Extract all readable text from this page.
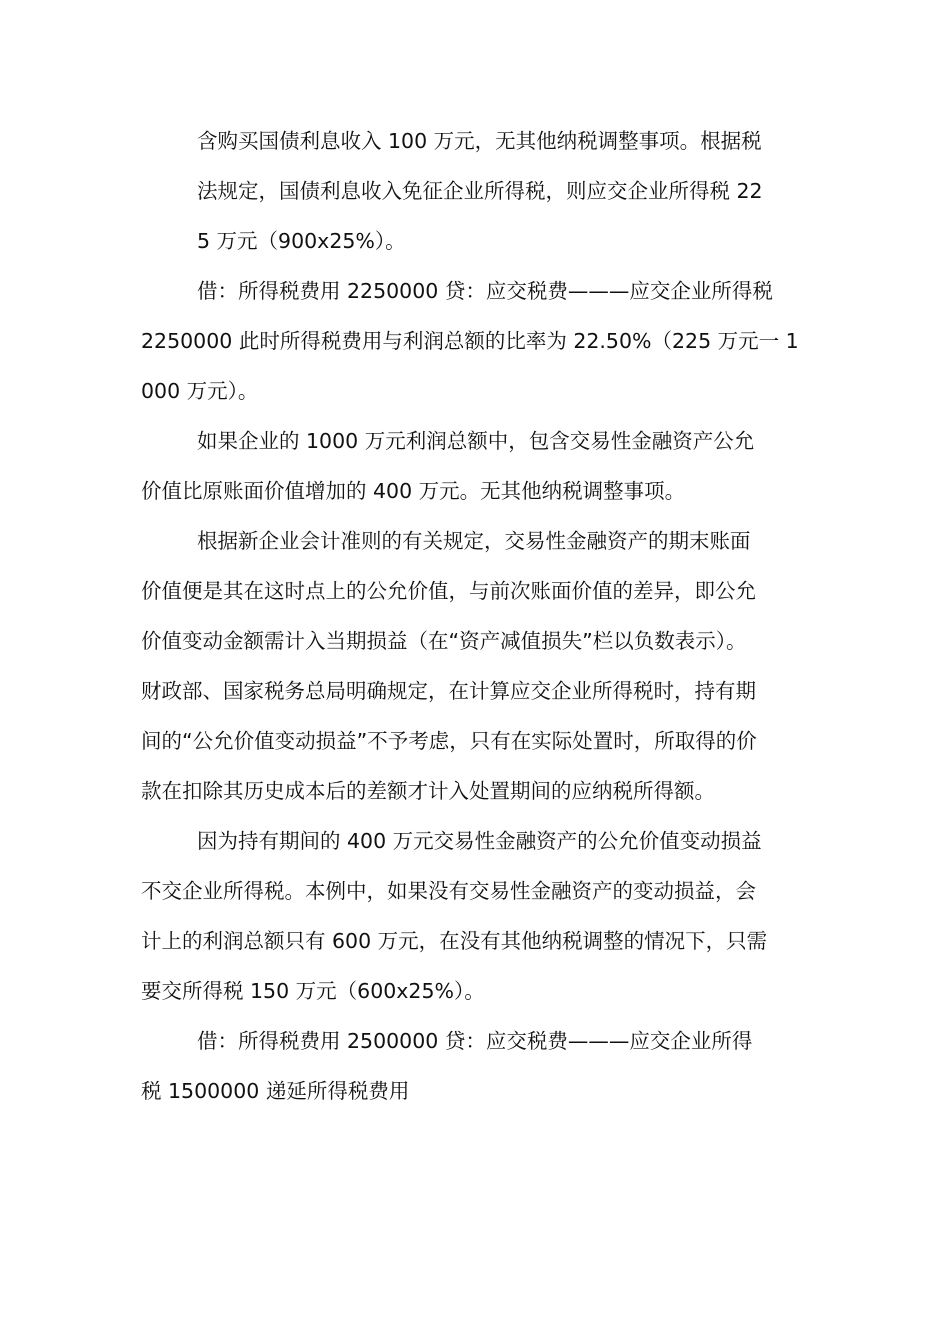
含购买国债利息收入 100 万元，无其他纳税调整事项。根据税
法规定，国债利息收入免征企业所得税，则应交企业所得税 22
5 万元（900x25%）。
借：所得税费用 2250000 贷：应交税费———应交企业所得税
2250000 此时所得税费用与利润总额的比率为 22.50%（225 万元一 1
000 万元）。
如果企业的 1000 万元利润总额中，包含交易性金融资产公允
价值比原账面价值增加的 400 万元。无其他纳税调整事项。
根据新企业会计准则的有关规定，交易性金融资产的期末账面
价值便是其在这时点上的公允价值，与前次账面价值的差异，即公允
价值变动金额需计入当期损益（在“资产减值损失”栏以负数表示）。
财政部、国家税务总局明确规定，在计算应交企业所得税时，持有期
间的“公允价值变动损益”不予考虑，只有在实际处置时，所取得的价
款在扣除其历史成本后的差额才计入处置期间的应纳税所得额。
因为持有期间的 400 万元交易性金融资产的公允价值变动损益
不交企业所得税。本例中，如果没有交易性金融资产的变动损益，会
计上的利润总额只有 600 万元，在没有其他纳税调整的情况下，只需
要交所得税 150 万元（600x25%）。
借：所得税费用 2500000 贷：应交税费———应交企业所得
税 1500000 递延所得税费用
